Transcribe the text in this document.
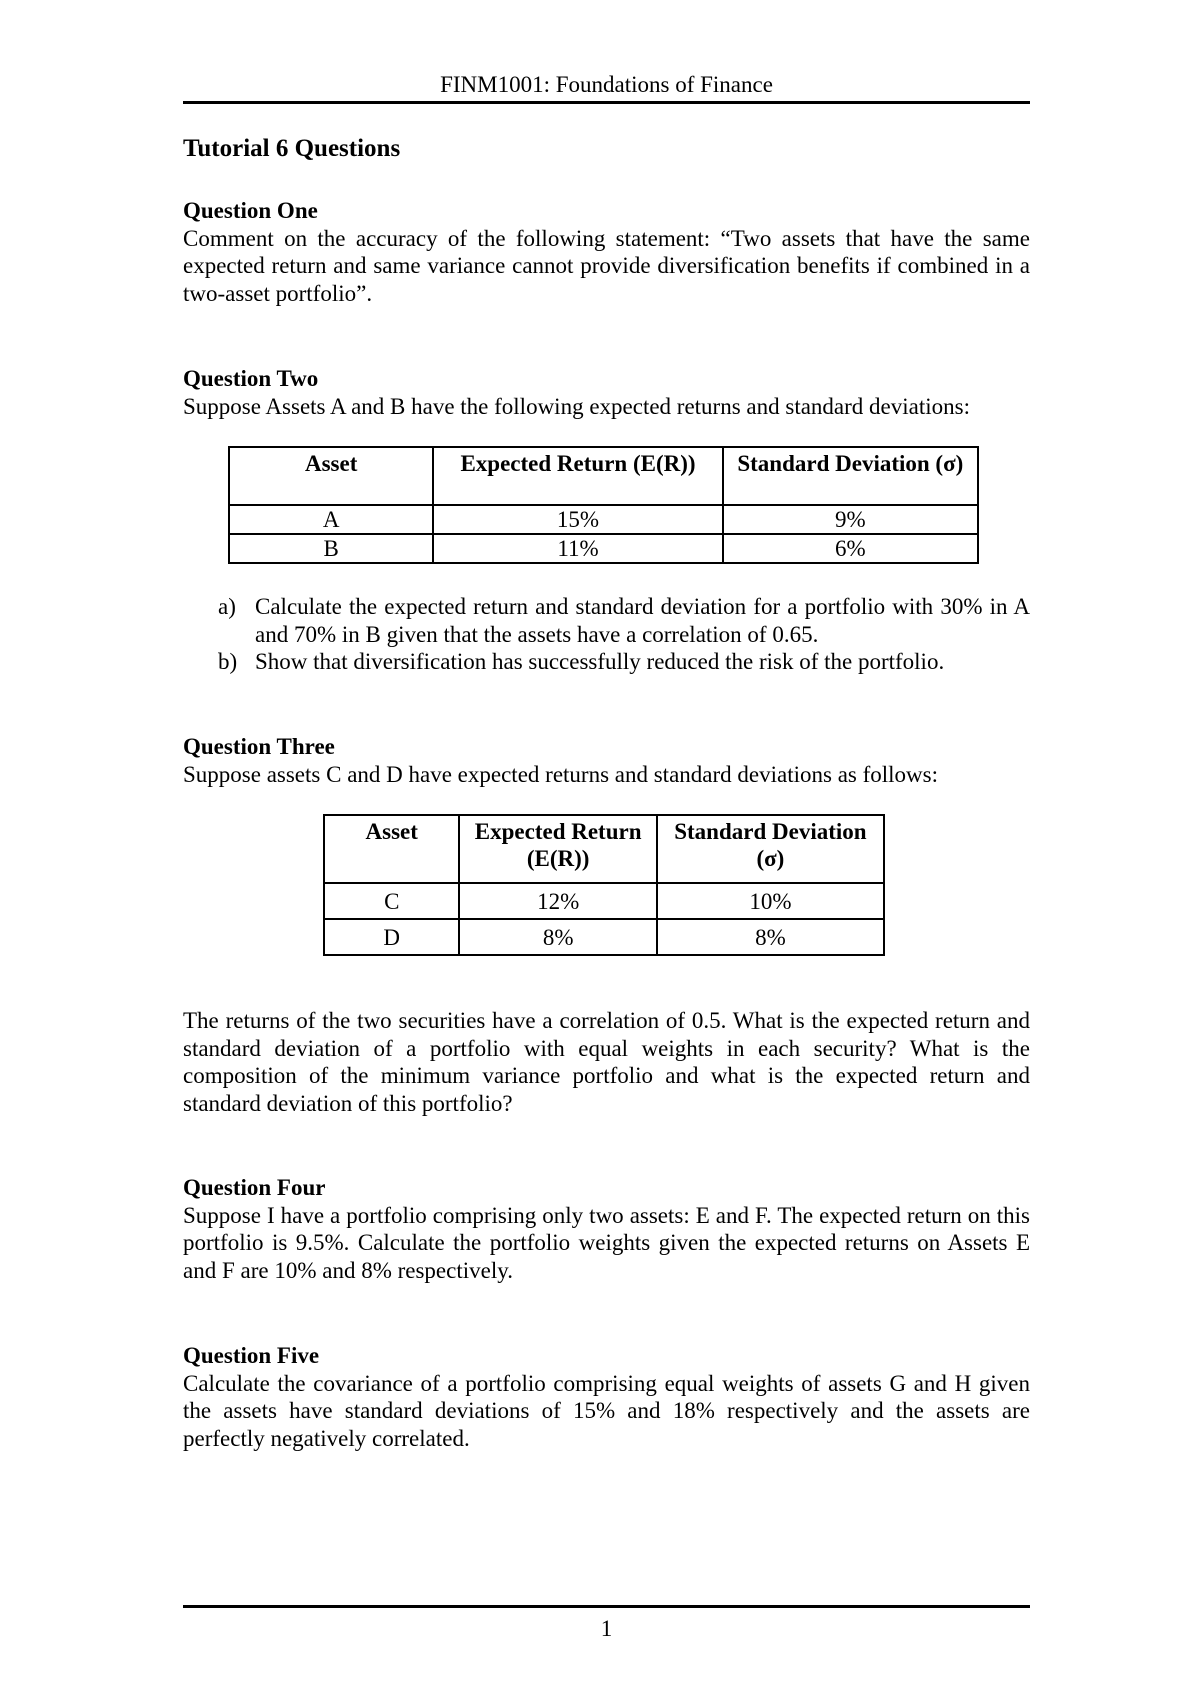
FINM1001: Foundations of Finance
Tutorial 6 Questions
Question One
Comment on the accuracy of the following statement: “Two assets that have the same expected return and same variance cannot provide diversification benefits if combined in a two-asset portfolio”.
Question Two
Suppose Assets A and B have the following expected returns and standard deviations:
Asset	Expected Return (E(R))	Standard Deviation (σ)
A	15%	9%
B	11%	6%
a) Calculate the expected return and standard deviation for a portfolio with 30% in A and 70% in B given that the assets have a correlation of 0.65.
b) Show that diversification has successfully reduced the risk of the portfolio.
Question Three
Suppose assets C and D have expected returns and standard deviations as follows:
Asset	Expected Return (E(R))	Standard Deviation (σ)
C	12%	10%
D	8%	8%
The returns of the two securities have a correlation of 0.5. What is the expected return and standard deviation of a portfolio with equal weights in each security? What is the composition of the minimum variance portfolio and what is the expected return and standard deviation of this portfolio?
Question Four
Suppose I have a portfolio comprising only two assets: E and F. The expected return on this portfolio is 9.5%. Calculate the portfolio weights given the expected returns on Assets E and F are 10% and 8% respectively.
Question Five
Calculate the covariance of a portfolio comprising equal weights of assets G and H given the assets have standard deviations of 15% and 18% respectively and the assets are perfectly negatively correlated.
1
